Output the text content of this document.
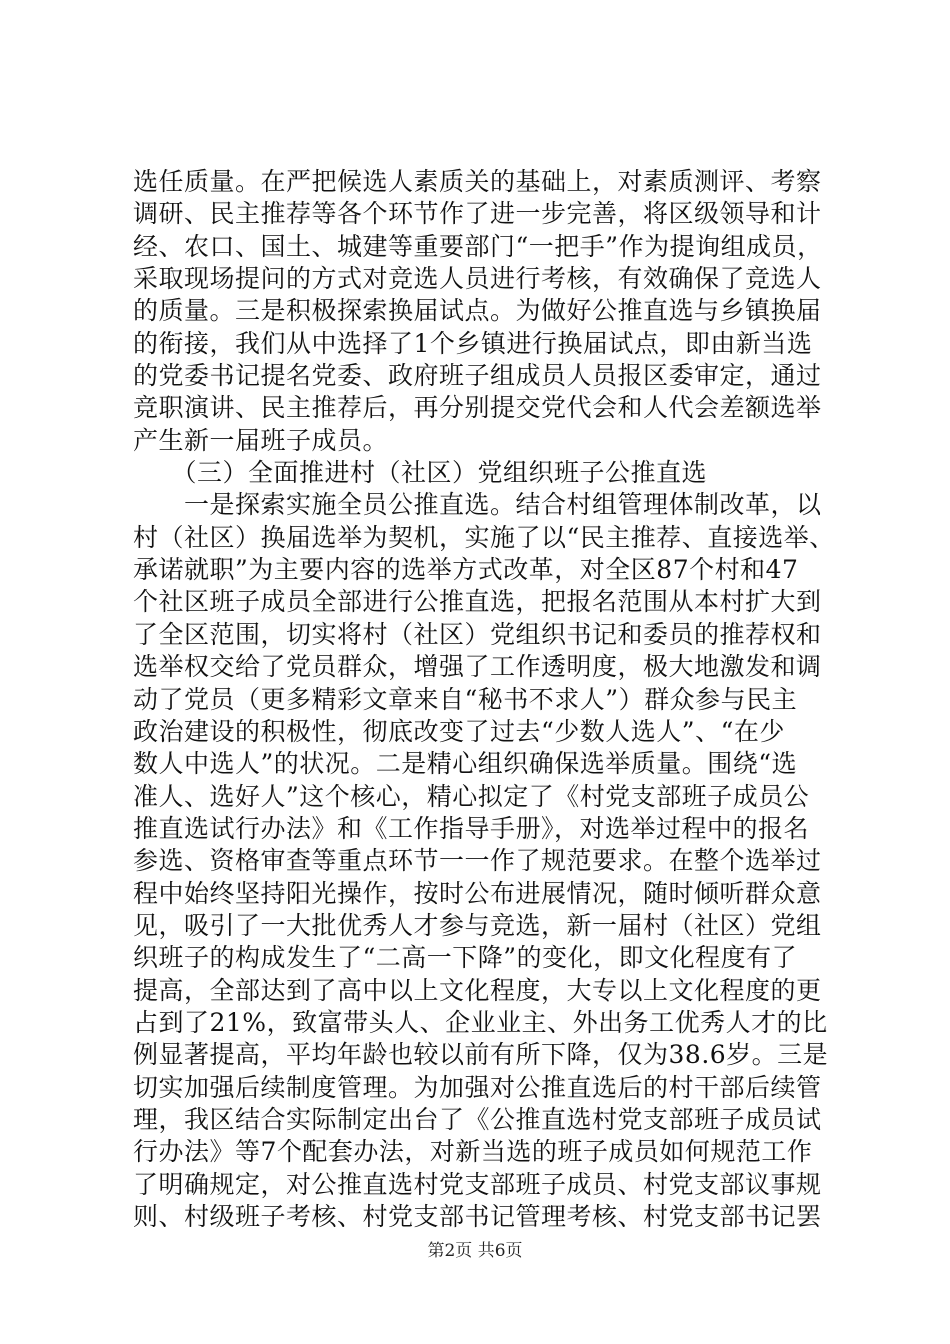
选任质量。在严把候选人素质关的基础上，对素质测评、考察
调研、民主推荐等各个环节作了进一步完善，将区级领导和计
经、农口、国土、城建等重要部门“一把手”作为提询组成员，
采取现场提问的方式对竞选人员进行考核，有效确保了竞选人
的质量。三是积极探索换届试点。为做好公推直选与乡镇换届
的衔接，我们从中选择了1个乡镇进行换届试点，即由新当选
的党委书记提名党委、政府班子组成员人员报区委审定，通过
竞职演讲、民主推荐后，再分别提交党代会和人代会差额选举
产生新一届班子成员。
　　（三）全面推进村（社区）党组织班子公推直选
　　一是探索实施全员公推直选。结合村组管理体制改革，以
村（社区）换届选举为契机，实施了以“民主推荐、直接选举、
承诺就职”为主要内容的选举方式改革，对全区87个村和47
个社区班子成员全部进行公推直选，把报名范围从本村扩大到
了全区范围，切实将村（社区）党组织书记和委员的推荐权和
选举权交给了党员群众，增强了工作透明度，极大地激发和调
动了党员（更多精彩文章来自“秘书不求人”）群众参与民主
政治建设的积极性，彻底改变了过去“少数人选人”、“在少
数人中选人”的状况。二是精心组织确保选举质量。围绕“选
准人、选好人”这个核心，精心拟定了《村党支部班子成员公
推直选试行办法》和《工作指导手册》，对选举过程中的报名
参选、资格审查等重点环节一一作了规范要求。在整个选举过
程中始终坚持阳光操作，按时公布进展情况，随时倾听群众意
见，吸引了一大批优秀人才参与竞选，新一届村（社区）党组
织班子的构成发生了“二高一下降”的变化，即文化程度有了
提高，全部达到了高中以上文化程度，大专以上文化程度的更
占到了21%，致富带头人、企业业主、外出务工优秀人才的比
例显著提高，平均年龄也较以前有所下降，仅为38.6岁。三是
切实加强后续制度管理。为加强对公推直选后的村干部后续管
理，我区结合实际制定出台了《公推直选村党支部班子成员试
行办法》等7个配套办法，对新当选的班子成员如何规范工作
了明确规定，对公推直选村党支部班子成员、村党支部议事规
则、村级班子考核、村党支部书记管理考核、村党支部书记罢
第2页 共6页
